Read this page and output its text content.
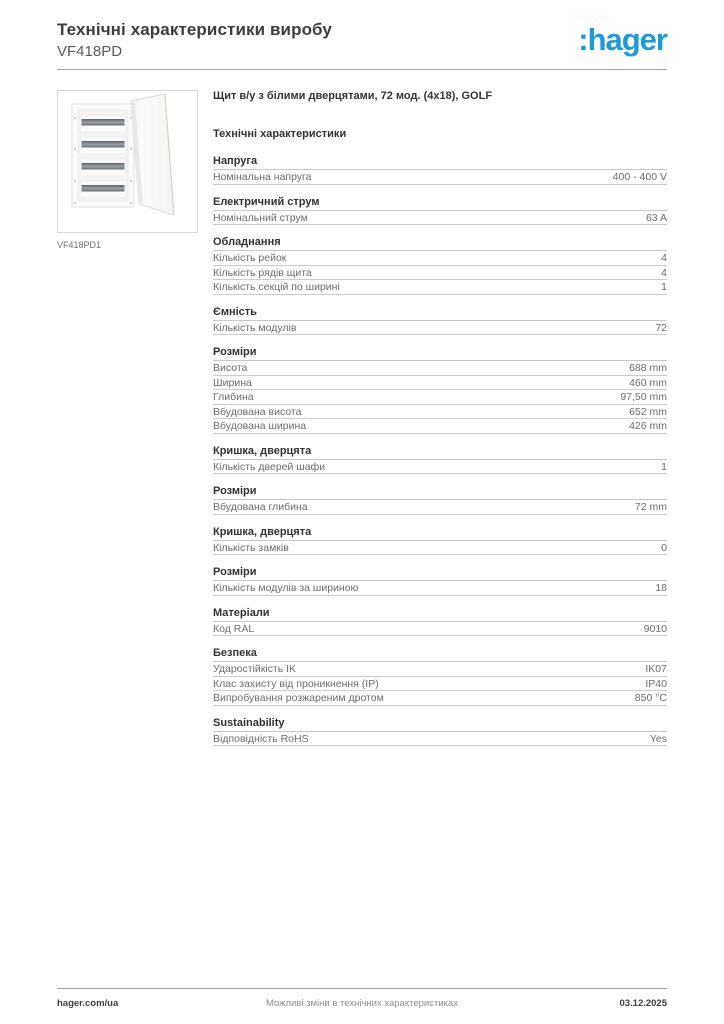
Технічні характеристики виробу
VF418PD	:hager
VF418PD1
Щит в/у з білими дверцятами, 72 мод. (4x18), GOLF
Технічні характеристики
Напруга
Номінальна напруга	400 - 400 V
Електричний струм
Номінальний струм	63 A
Обладнання
Кількість рейок	4
Кількість рядів щита	4
Кількість секцій по ширині	1
Ємність
Кількість модулів	72
Розміри
Висота	688 mm
Ширина	460 mm
Глибина	97,50 mm
Вбудована висота	652 mm
Вбудована ширина	426 mm
Кришка, дверцята
Кількість дверей шафи	1
Розміри
Вбудована глибина	72 mm
Кришка, дверцята
Кількість замків	0
Розміри
Кількість модулів за шириною	18
Матеріали
Код RAL	9010
Безпека
Ударостійкість IK	IK07
Клас захисту від проникнення (IP)	IP40
Випробування розжареним дротом	850 °C
Sustainability
Відповідність RoHS	Yes
hager.com/ua	Можливі зміни в технічних характеристиках	03.12.2025
